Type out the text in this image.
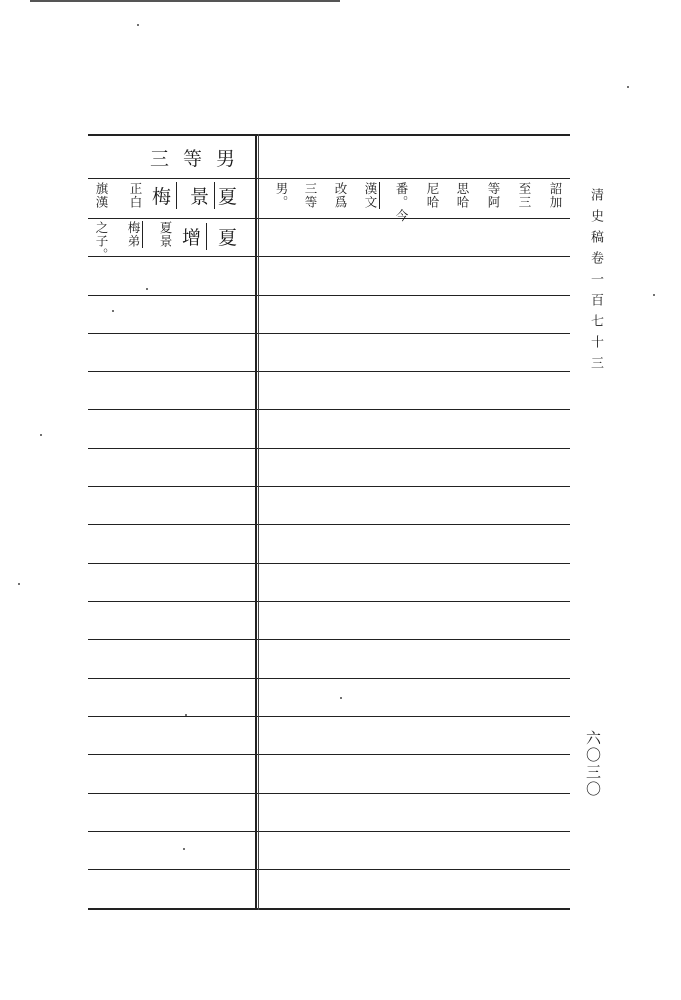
三等男
夏
景
梅
正白
旗漢
夏
增
夏景
梅弟
之子。
詔加
至三
等阿
思哈
尼哈
番。今
漢文
改爲
三等
男。	清史稿卷一百七十三
六〇三〇
